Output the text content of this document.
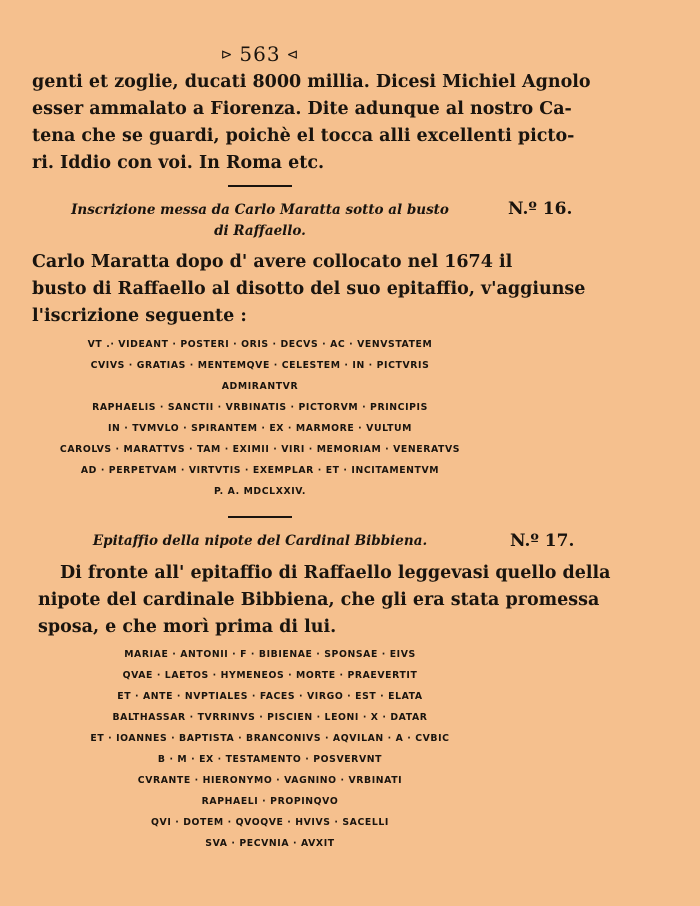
⊳ 563 ⊲
genti et zoglie, ducati 8000 millia. Dicesi Michiel Agnolo
esser ammalato a Fiorenza. Dite adunque al nostro Ca-
tena che se guardi, poichè el tocca alli excellenti picto-
ri. Iddio con voi. In Roma etc.
Inscrizione messa da Carlo Maratta sotto al busto
di Raffaello.
N.º 16.
Carlo Maratta dopo d' avere collocato nel 1674 il
busto di Raffaello al disotto del suo epitaffio, v'aggiunse
l'iscrizione seguente :
VT .· VIDEANT · POSTERI · ORIS · DECVS · AC · VENVSTATEM
CVIVS · GRATIAS · MENTEMQVE · CELESTEM · IN · PICTVRIS
ADMIRANTVR
RAPHAELIS · SANCTII · VRBINATIS · PICTORVM · PRINCIPIS
IN · TVMVLO · SPIRANTEM · EX · MARMORE · VULTUM
CAROLVS · MARATTVS · TAM · EXIMII · VIRI · MEMORIAM · VENERATVS
AD · PERPETVAM · VIRTVTIS · EXEMPLAR · ET · INCITAMENTVM
P. A. MDCLXXIV.
Epitaffio della nipote del Cardinal Bibbiena.	N.º 17.
Di fronte all' epitaffio di Raffaello leggevasi quello della
nipote del cardinale Bibbiena, che gli era stata promessa
sposa, e che morì prima di lui.
MARIAE · ANTONII · F · BIBIENAE · SPONSAE · EIVS
QVAE · LAETOS · HYMENEOS · MORTE · PRAEVERTIT
ET · ANTE · NVPTIALES · FACES · VIRGO · EST · ELATA
BALTHASSAR · TVRRINVS · PISCIEN · LEONI · X · DATAR
ET · IOANNES · BAPTISTA · BRANCONIVS · AQVILAN · A · CVBIC
B · M · EX · TESTAMENTO · POSVERVNT
CVRANTE · HIERONYMO · VAGNINO · VRBINATI
RAPHAELI · PROPINQVO
QVI · DOTEM · QVOQVE · HVIVS · SACELLI
SVA · PECVNIA · AVXIT
